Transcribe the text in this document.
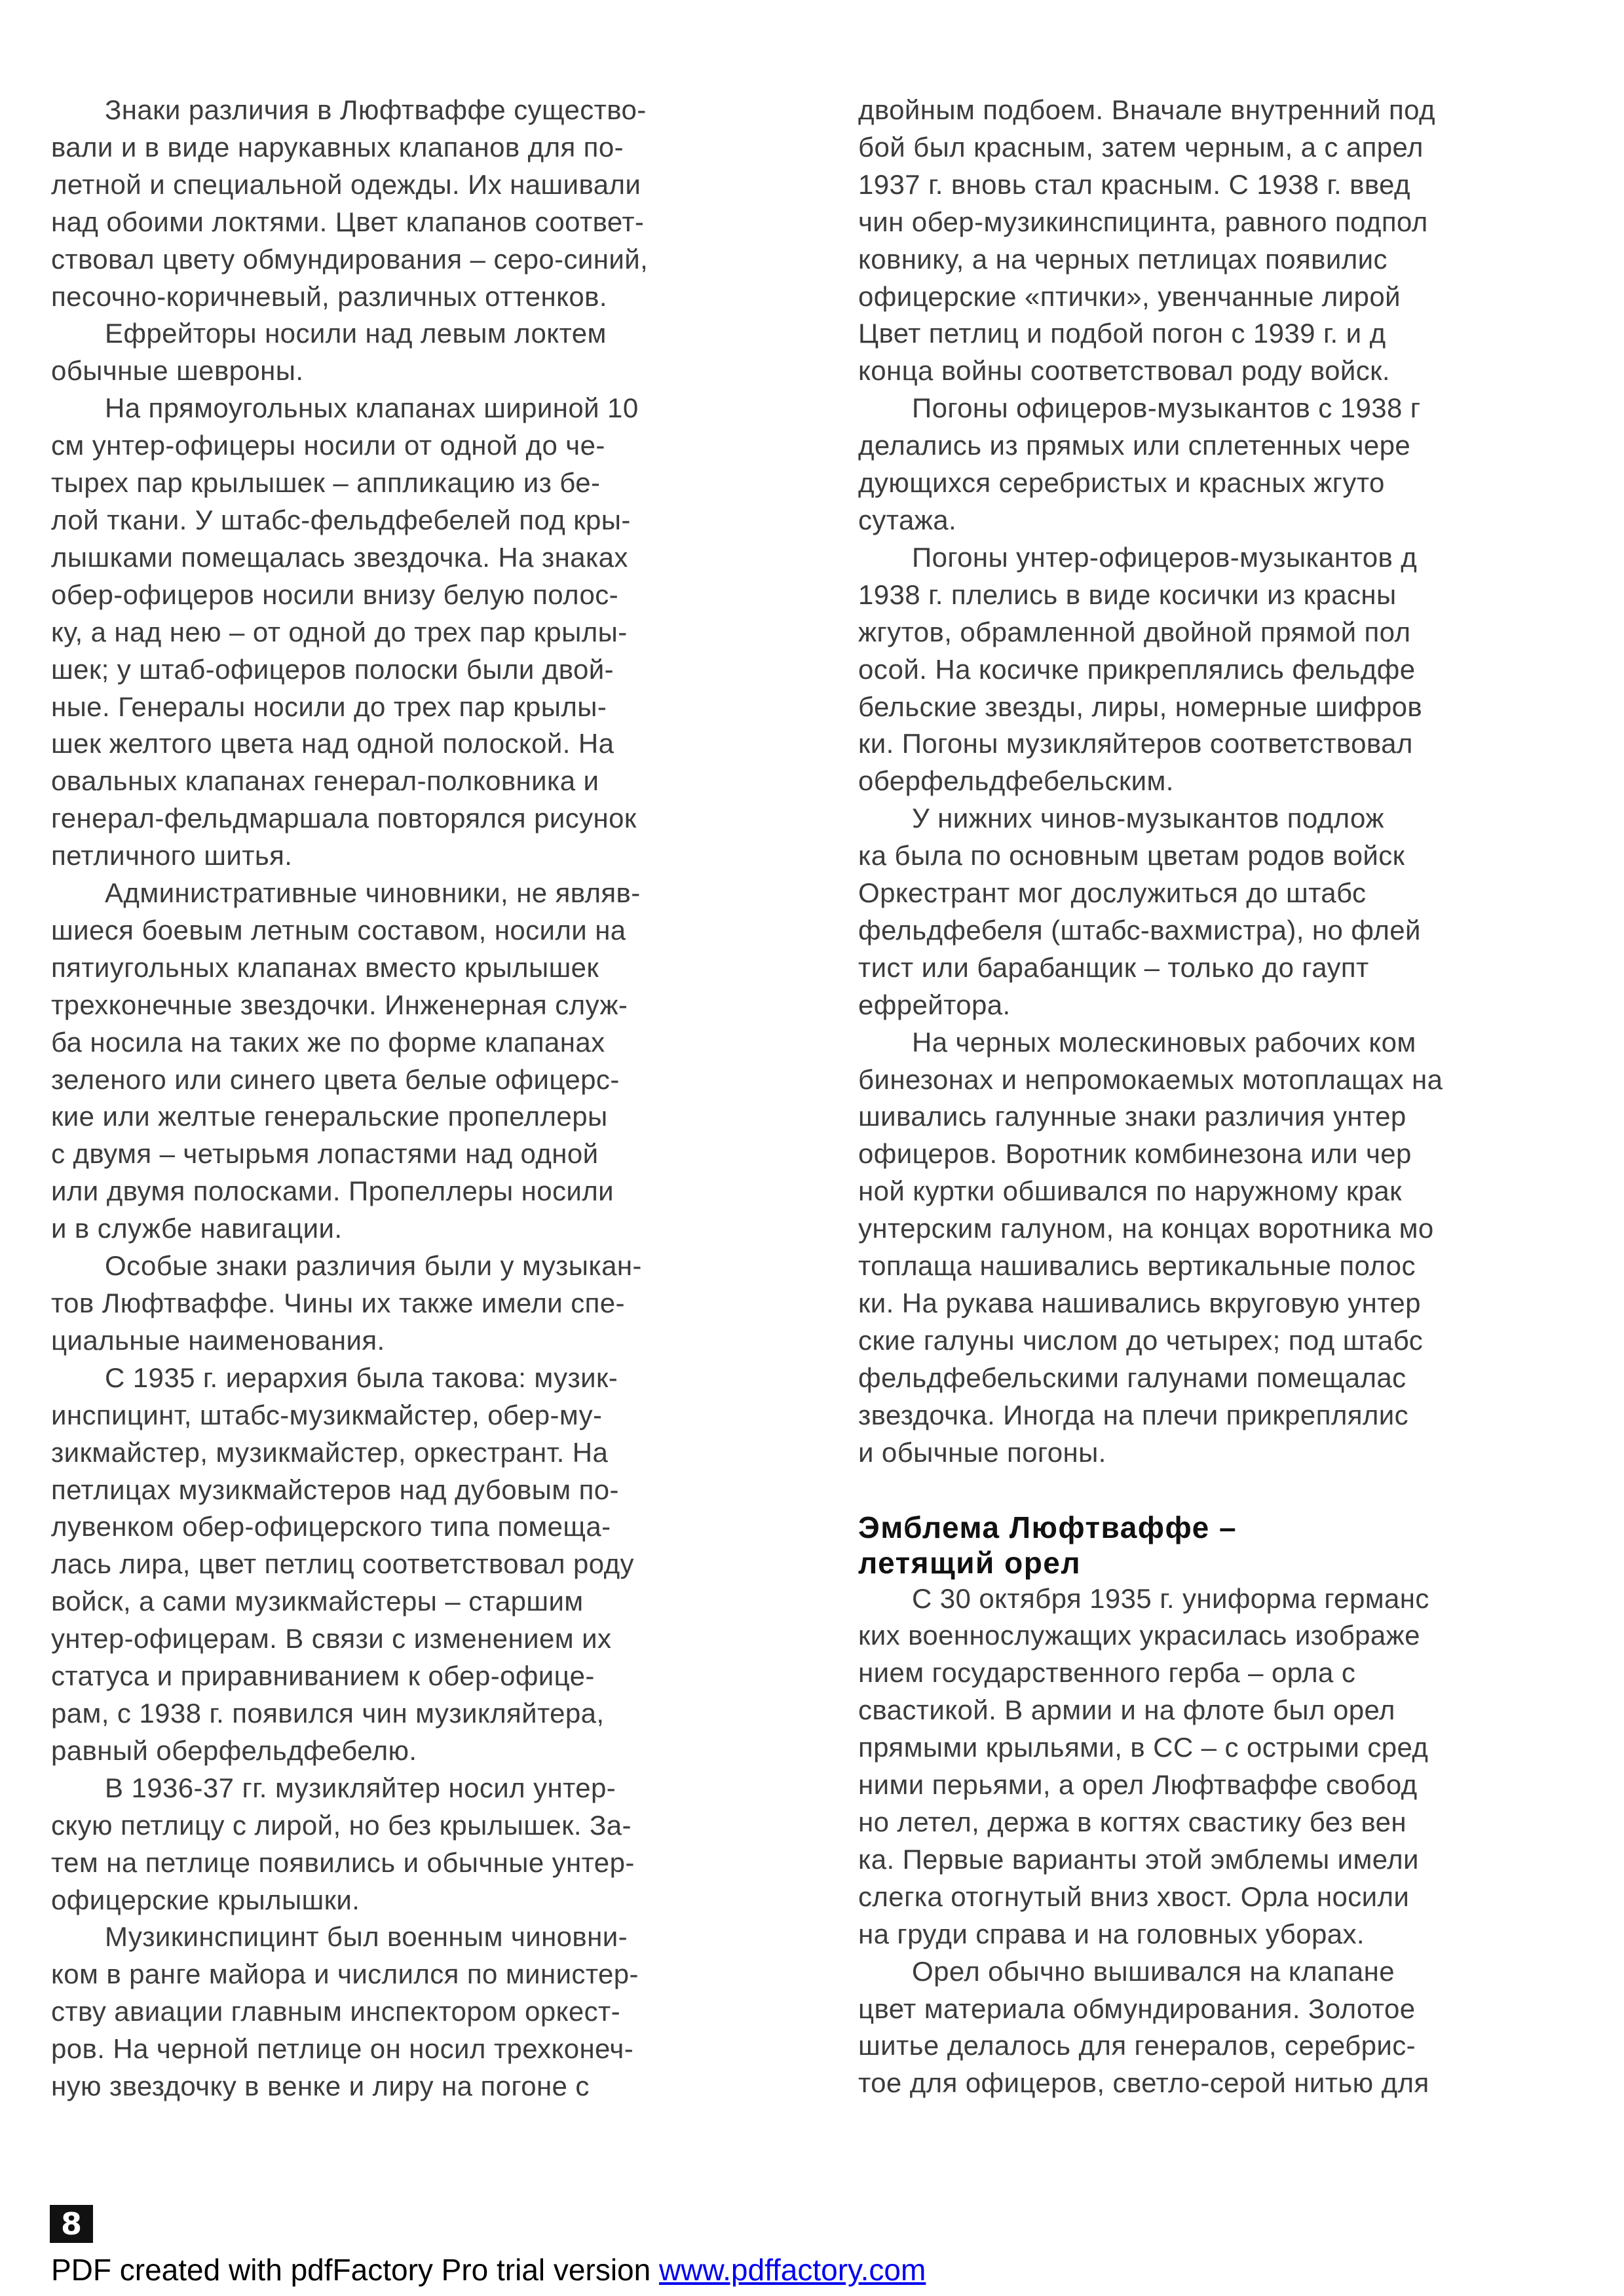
Знаки различия в Люфтваффе существо-
вали и в виде нарукавных клапанов для по-
летной и специальной одежды. Их нашивали
над обоими локтями. Цвет клапанов соответ-
ствовал цвету обмундирования – серо-синий,
песочно-коричневый, различных оттенков.
Ефрейторы носили над левым локтем
обычные шевроны.
На прямоугольных клапанах шириной 10
см унтер-офицеры носили от одной до че-
тырех пар крылышек – аппликацию из бе-
лой ткани. У штабс-фельдфебелей под кры-
лышками помещалась звездочка. На знаках
обер-офицеров носили внизу белую полос-
ку, а над нею – от одной до трех пар крылы-
шек; у штаб-офицеров полоски были двой-
ные. Генералы носили до трех пар крылы-
шек желтого цвета над одной полоской. На
овальных клапанах генерал-полковника и
генерал-фельдмаршала повторялся рисунок
петличного шитья.
Административные чиновники, не являв-
шиеся боевым летным составом, носили на
пятиугольных клапанах вместо крылышек
трехконечные звездочки. Инженерная служ-
ба носила на таких же по форме клапанах
зеленого или синего цвета белые офицерс-
кие или желтые генеральские пропеллеры
с двумя – четырьмя лопастями над одной
или двумя полосками. Пропеллеры носили
и в службе навигации.
Особые знаки различия были у музыкан-
тов Люфтваффе. Чины их также имели спе-
циальные наименования.
С 1935 г. иерархия была такова: музик-
инспицинт, штабс-музикмайстер, обер-му-
зикмайстер, музикмайстер, оркестрант. На
петлицах музикмайстеров над дубовым по-
лувенком обер-офицерского типа помеща-
лась лира, цвет петлиц соответствовал роду
войск, а сами музикмайстеры – старшим
унтер-офицерам. В связи с изменением их
статуса и приравниванием к обер-офице-
рам, с 1938 г. появился чин музикляйтера,
равный оберфельдфебелю.
В 1936-37 гг. музикляйтер носил унтер-
скую петлицу с лирой, но без крылышек. За-
тем на петлице появились и обычные унтер-
офицерские крылышки.
Музикинспицинт был военным чиновни-
ком в ранге майора и числился по министер-
ству авиации главным инспектором оркест-
ров. На черной петлице он носил трехконеч-
ную звездочку в венке и лиру на погоне с
двойным подбоем. Вначале внутренний под
бой был красным, затем черным, а с апрел
1937 г. вновь стал красным. С 1938 г. введ
чин обер-музикинспицинта, равного подпол
ковнику, а на черных петлицах появилис
офицерские «птички», увенчанные лирой
Цвет петлиц и подбой погон с 1939 г. и д
конца войны соответствовал роду войск.
Погоны офицеров-музыкантов с 1938 г
делались из прямых или сплетенных чере
дующихся серебристых и красных жгуто
сутажа.
Погоны унтер-офицеров-музыкантов д
1938 г. плелись в виде косички из красны
жгутов, обрамленной двойной прямой пол
осой. На косичке прикреплялись фельдфе
бельские звезды, лиры, номерные шифров
ки. Погоны музикляйтеров соответствовал
оберфельдфебельским.
У нижних чинов-музыкантов подлож
ка была по основным цветам родов войск
Оркестрант мог дослужиться до штабс
фельдфебеля (штабс-вахмистра), но флей
тист или барабанщик – только до гаупт
ефрейтора.
На черных молескиновых рабочих ком
бинезонах и непромокаемых мотоплащах на
шивались галунные знаки различия унтер
офицеров. Воротник комбинезона или чер
ной куртки обшивался по наружному крак
унтерским галуном, на концах воротника мо
топлаща нашивались вертикальные полос
ки. На рукава нашивались вкруговую унтер
ские галуны числом до четырех; под штабс
фельдфебельскими галунами помещалас
звездочка. Иногда на плечи прикреплялис
и обычные погоны.
Эмблема Люфтваффе –
летящий орел
С 30 октября 1935 г. униформа германс
ких военнослужащих украсилась изображе
нием государственного герба – орла с
свастикой. В армии и на флоте был орел
прямыми крыльями, в СС – с острыми сред
ними перьями, а орел Люфтваффе свобод
но летел, держа в когтях свастику без вен
ка. Первые варианты этой эмблемы имели
слегка отогнутый вниз хвост. Орла носили
на груди справа и на головных уборах.
Орел обычно вышивался на клапане
цвет материала обмундирования. Золотое
шитье делалось для генералов, серебрис-
тое для офицеров, светло-серой нитью для
8
PDF created with pdfFactory Pro trial version www.pdffactory.com
